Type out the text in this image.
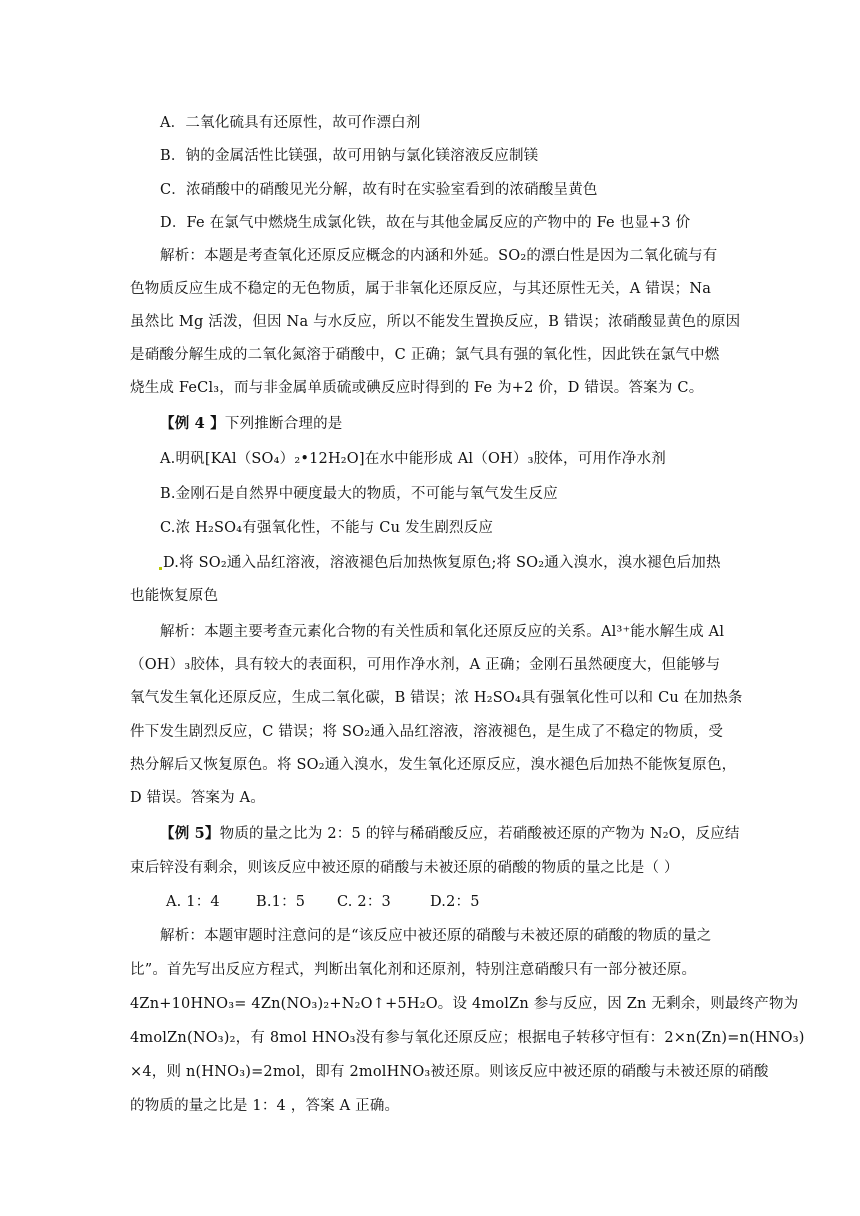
A．二氧化硫具有还原性，故可作漂白剂
B．钠的金属活性比镁强，故可用钠与氯化镁溶液反应制镁
C．浓硝酸中的硝酸见光分解，故有时在实验室看到的浓硝酸呈黄色
D．Fe 在氯气中燃烧生成氯化铁，故在与其他金属反应的产物中的 Fe 也显+3 价
解析：本题是考查氧化还原反应概念的内涵和外延。SO₂的漂白性是因为二氧化硫与有
色物质反应生成不稳定的无色物质，属于非氧化还原反应，与其还原性无关，A 错误；Na
虽然比 Mg 活泼，但因 Na 与水反应，所以不能发生置换反应，B 错误；浓硝酸显黄色的原因
是硝酸分解生成的二氧化氮溶于硝酸中，C 正确；氯气具有强的氧化性，因此铁在氯气中燃
烧生成 FeCl₃，而与非金属单质硫或碘反应时得到的 Fe 为+2 价，D 错误。答案为 C。
【例 4 】下列推断合理的是
A.明矾[KAl（SO₄）₂•12H₂O]在水中能形成 Al（OH）₃胶体，可用作净水剂
B.金刚石是自然界中硬度最大的物质，不可能与氧气发生反应
C.浓 H₂SO₄有强氧化性，不能与 Cu 发生剧烈反应
D.将 SO₂通入品红溶液，溶液褪色后加热恢复原色;将 SO₂通入溴水，溴水褪色后加热
也能恢复原色
解析：本题主要考查元素化合物的有关性质和氧化还原反应的关系。Al³⁺能水解生成 Al
（OH）₃胶体，具有较大的表面积，可用作净水剂，A 正确；金刚石虽然硬度大，但能够与
氧气发生氧化还原反应，生成二氧化碳，B 错误；浓 H₂SO₄具有强氧化性可以和 Cu 在加热条
件下发生剧烈反应，C 错误；将 SO₂通入品红溶液，溶液褪色，是生成了不稳定的物质，受
热分解后又恢复原色。将 SO₂通入溴水，发生氧化还原反应，溴水褪色后加热不能恢复原色，
D 错误。答案为 A。
【例 5】物质的量之比为 2：5 的锌与稀硝酸反应，若硝酸被还原的产物为 N₂O，反应结
束后锌没有剩余，则该反应中被还原的硝酸与未被还原的硝酸的物质的量之比是（ ）
A. 1：4 B.1：5 C. 2：3	D.2：5
解析：本题审题时注意问的是“该反应中被还原的硝酸与未被还原的硝酸的物质的量之
比”。首先写出反应方程式，判断出氧化剂和还原剂，特别注意硝酸只有一部分被还原。
4Zn+10HNO₃= 4Zn(NO₃)₂+N₂O↑+5H₂O。设 4molZn 参与反应，因 Zn 无剩余，则最终产物为
4molZn(NO₃)₂，有 8mol HNO₃没有参与氧化还原反应；根据电子转移守恒有：2×n(Zn)=n(HNO₃)
×4，则 n(HNO₃)=2mol，即有 2molHNO₃被还原。则该反应中被还原的硝酸与未被还原的硝酸
的物质的量之比是 1：4 ，答案 A 正确。
